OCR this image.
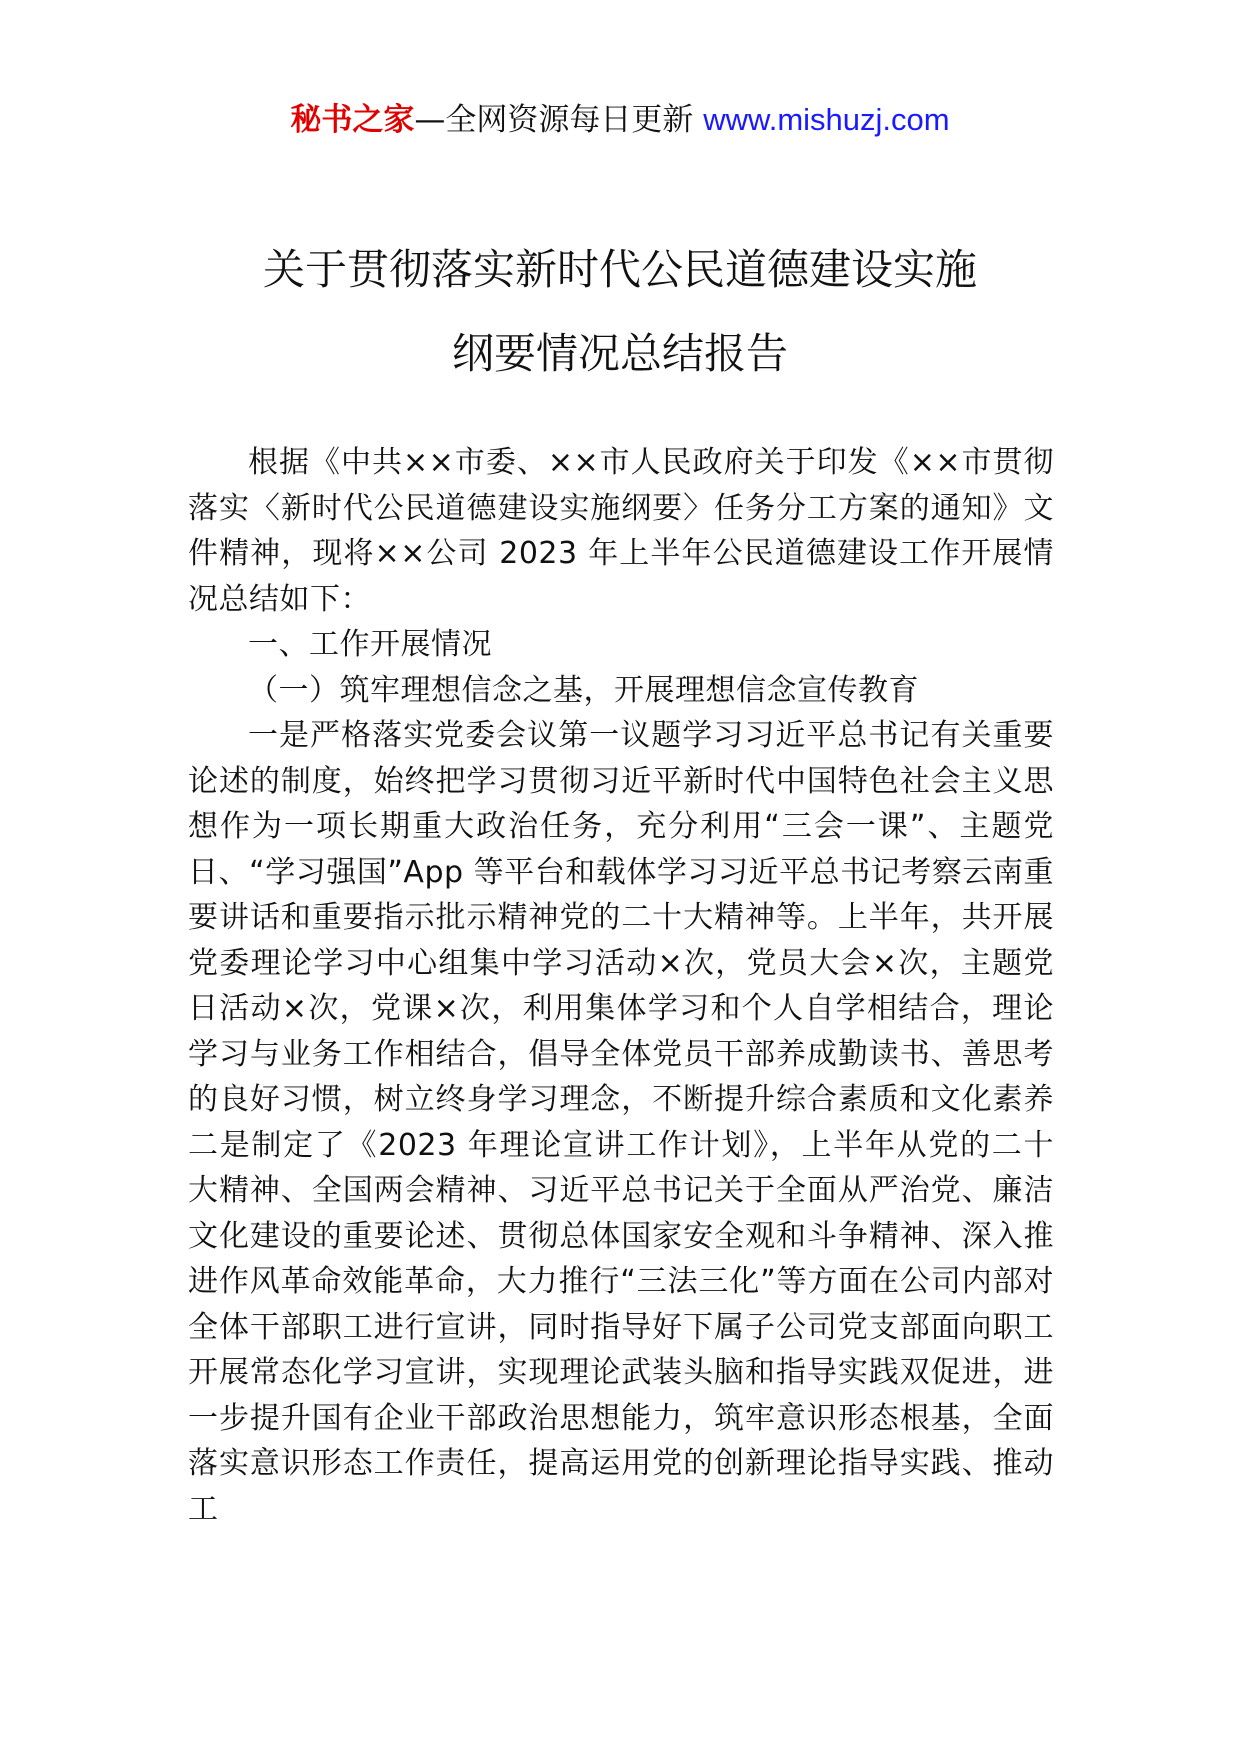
秘书之家—全网资源每日更新 www.mishuzj.com
关于贯彻落实新时代公民道德建设实施
纲要情况总结报告

根据《中共××市委、××市人民政府关于印发《××市贯彻落实〈新时代公民道德建设实施纲要〉任务分工方案的通知》文件精神，现将××公司 2023 年上半年公民道德建设工作开展情况总结如下：

一、工作开展情况

（一）筑牢理想信念之基，开展理想信念宣传教育

一是严格落实党委会议第一议题学习习近平总书记有关重要论述的制度，始终把学习贯彻习近平新时代中国特色社会主义思想作为一项长期重大政治任务，充分利用“三会一课”、主题党日、“学习强国”App 等平台和载体学习习近平总书记考察云南重要讲话和重要指示批示精神党的二十大精神等。上半年，共开展党委理论学习中心组集中学习活动×次，党员大会×次，主题党日活动×次，党课×次，利用集体学习和个人自学相结合，理论学习与业务工作相结合，倡导全体党员干部养成勤读书、善思考的良好习惯，树立终身学习理念，不断提升综合素质和文化素养二是制定了《2023 年理论宣讲工作计划》，上半年从党的二十大精神、全国两会精神、习近平总书记关于全面从严治党、廉洁文化建设的重要论述、贯彻总体国家安全观和斗争精神、深入推进作风革命效能革命，大力推行“三法三化”等方面在公司内部对全体干部职工进行宣讲，同时指导好下属子公司党支部面向职工开展常态化学习宣讲，实现理论武装头脑和指导实践双促进，进一步提升国有企业干部政治思想能力，筑牢意识形态根基，全面落实意识形态工作责任，提高运用党的创新理论指导实践、推动工
